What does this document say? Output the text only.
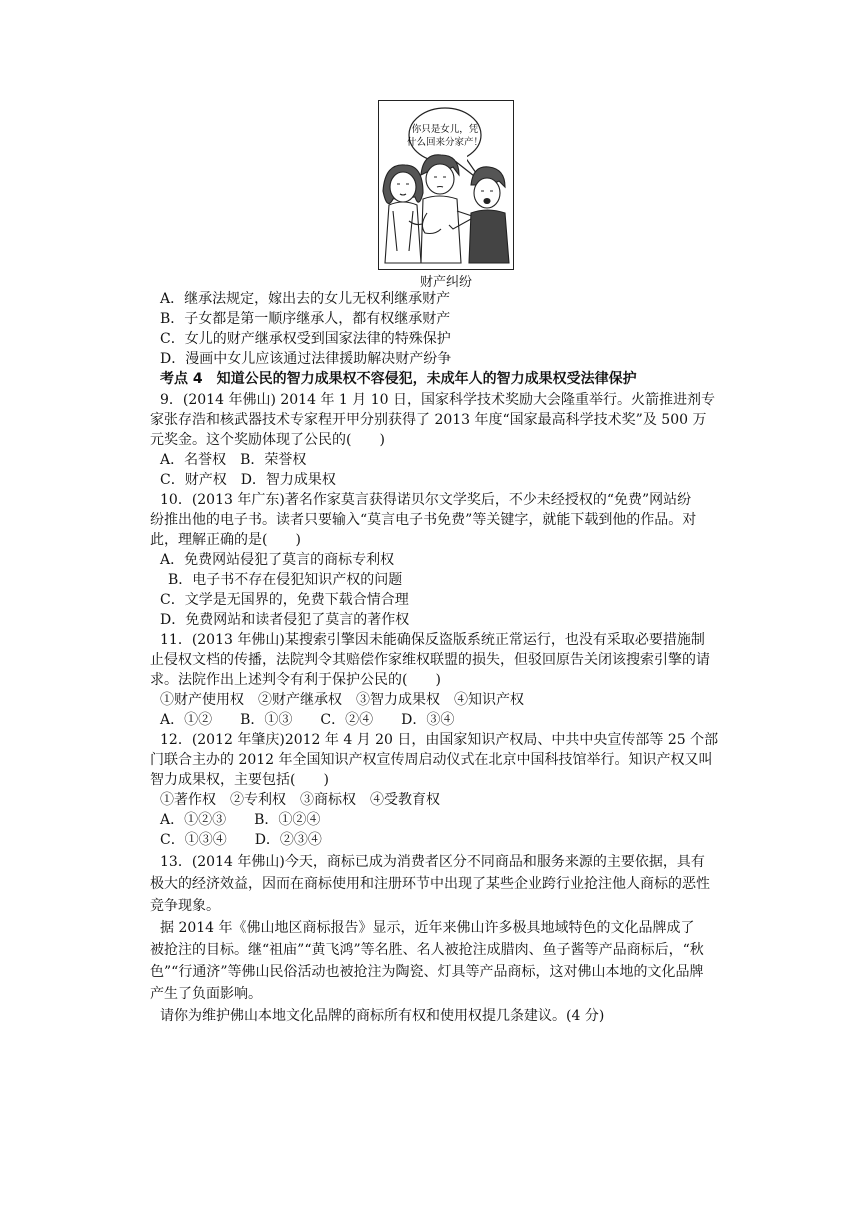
你只是女儿，凭
什么回来分家产！
财产纠纷
A．继承法规定，嫁出去的女儿无权利继承财产
B．子女都是第一顺序继承人，都有权继承财产
C．女儿的财产继承权受到国家法律的特殊保护
D．漫画中女儿应该通过法律援助解决财产纷争
考点 4　知道公民的智力成果权不容侵犯，未成年人的智力成果权受法律保护
9．(2014 年佛山) 2014 年 1 月 10 日，国家科学技术奖励大会隆重举行。火箭推进剂专
家张存浩和核武器技术专家程开甲分别获得了 2013 年度“国家最高科学技术奖”及 500 万
元奖金。这个奖励体现了公民的(　　)
A．名誉权　B．荣誉权
C．财产权　D．智力成果权
10．(2013 年广东)著名作家莫言获得诺贝尔文学奖后，不少未经授权的“免费”网站纷
纷推出他的电子书。读者只要输入“莫言电子书免费”等关键字，就能下载到他的作品。对
此，理解正确的是(　　)
A．免费网站侵犯了莫言的商标专利权
B．电子书不存在侵犯知识产权的问题
C．文学是无国界的，免费下载合情合理
D．免费网站和读者侵犯了莫言的著作权
11．(2013 年佛山)某搜索引擎因未能确保反盗版系统正常运行，也没有采取必要措施制
止侵权文档的传播，法院判令其赔偿作家维权联盟的损失，但驳回原告关闭该搜索引擎的请
求。法院作出上述判令有利于保护公民的(　　)
①财产使用权　②财产继承权　③智力成果权　④知识产权
A．①②　　B．①③　　C．②④　　D．③④
12．(2012 年肇庆)2012 年 4 月 20 日，由国家知识产权局、中共中央宣传部等 25 个部
门联合主办的 2012 年全国知识产权宣传周启动仪式在北京中国科技馆举行。知识产权又叫
智力成果权，主要包括(　　)
①著作权　②专利权　③商标权　④受教育权
A．①②③　　B．①②④
C．①③④　　D．②③④
13．(2014 年佛山)今天，商标已成为消费者区分不同商品和服务来源的主要依据，具有
极大的经济效益，因而在商标使用和注册环节中出现了某些企业跨行业抢注他人商标的恶性
竞争现象。
据 2014 年《佛山地区商标报告》显示，近年来佛山许多极具地域特色的文化品牌成了
被抢注的目标。继“祖庙”“黄飞鸿”等名胜、名人被抢注成腊肉、鱼子酱等产品商标后，“秋
色”“行通济”等佛山民俗活动也被抢注为陶瓷、灯具等产品商标，这对佛山本地的文化品牌
产生了负面影响。
请你为维护佛山本地文化品牌的商标所有权和使用权提几条建议。(4 分)
